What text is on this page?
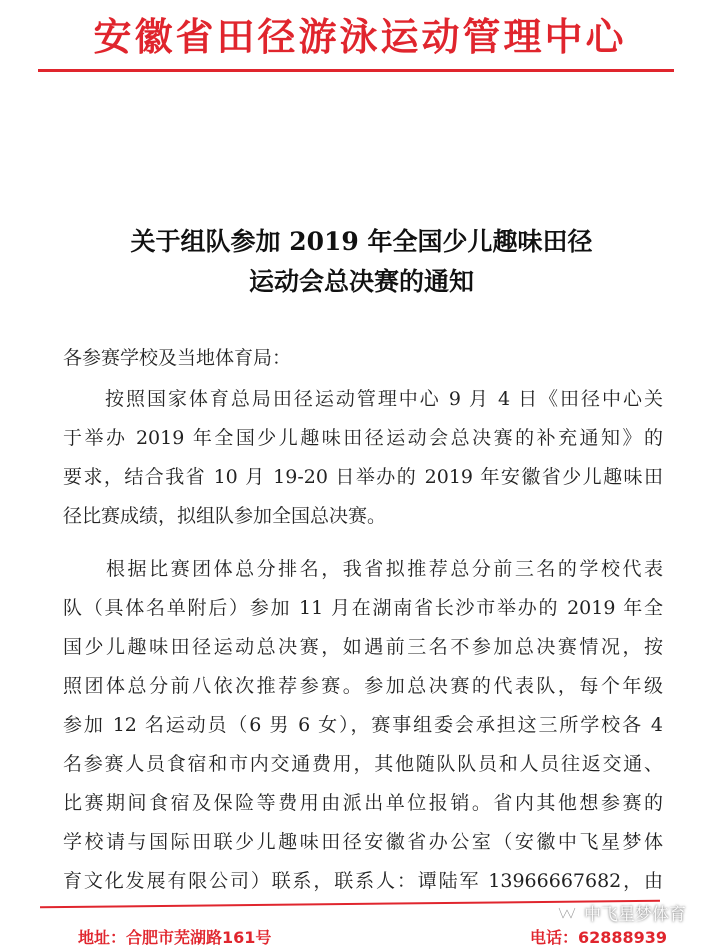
安徽省田径游泳运动管理中心
关于组队参加 2019 年全国少儿趣味田径
运动会总决赛的通知
各参赛学校及当地体育局：
　　按照国家体育总局田径运动管理中心 9 月 4 日《田径中心关
于举办 2019 年全国少儿趣味田径运动会总决赛的补充通知》的
要求，结合我省 10 月 19-20 日举办的 2019 年安徽省少儿趣味田
径比赛成绩，拟组队参加全国总决赛。
　　根据比赛团体总分排名，我省拟推荐总分前三名的学校代表
队（具体名单附后）参加 11 月在湖南省长沙市举办的 2019 年全
国少儿趣味田径运动总决赛，如遇前三名不参加总决赛情况，按
照团体总分前八依次推荐参赛。参加总决赛的代表队，每个年级
参加 12 名运动员（6 男 6 女），赛事组委会承担这三所学校各 4
名参赛人员食宿和市内交通费用，其他随队队员和人员往返交通、
比赛期间食宿及保险等费用由派出单位报销。省内其他想参赛的
学校请与国际田联少儿趣味田径安徽省办公室（安徽中飞星梦体
育文化发展有限公司）联系，联系人：谭陆军 13966667682，由
地址：合肥市芜湖路161号	电话：62888939
中飞星梦体育
